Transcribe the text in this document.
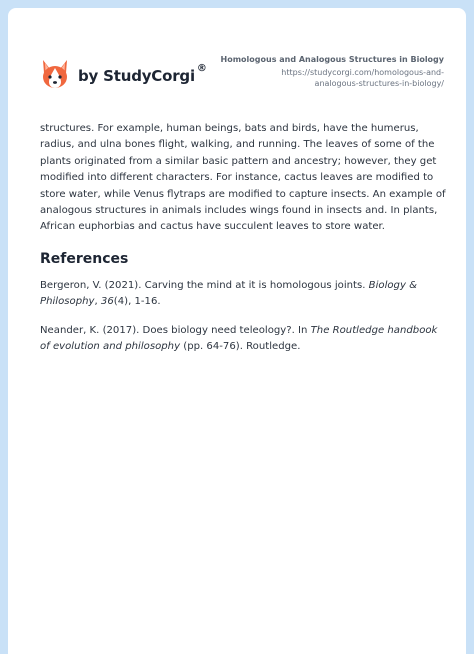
by StudyCorgi ®
Homologous and Analogous Structures in Biology
https://studycorgi.com/homologous-and-analogous-structures-in-biology/

structures. For example, human beings, bats and birds, have the humerus, radius, and ulna bones flight, walking, and running. The leaves of some of the plants originated from a similar basic pattern and ancestry; however, they get modified into different characters. For instance, cactus leaves are modified to store water, while Venus flytraps are modified to capture insects. An example of analogous structures in animals includes wings found in insects and. In plants, African euphorbias and cactus have succulent leaves to store water.

References

Bergeron, V. (2021). Carving the mind at it is homologous joints. Biology & Philosophy, 36(4), 1-16.

Neander, K. (2017). Does biology need teleology?. In The Routledge handbook of evolution and philosophy (pp. 64-76). Routledge.
